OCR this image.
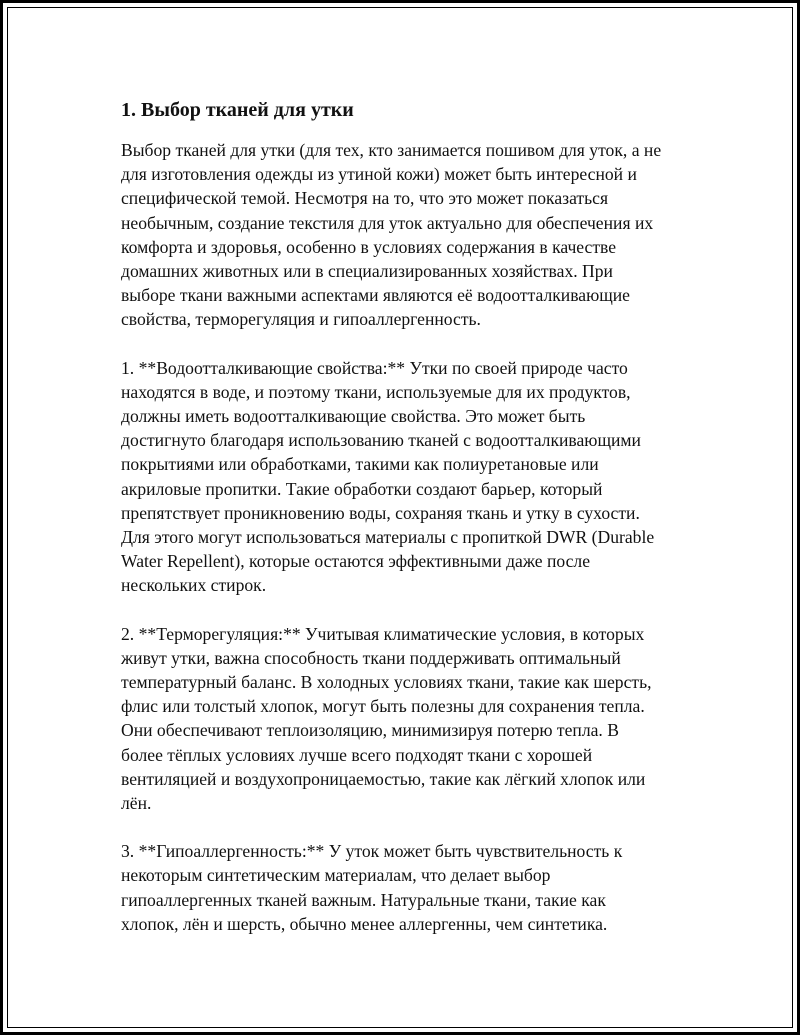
1. Выбор тканей для утки

Выбор тканей для утки (для тех, кто занимается пошивом для уток, а не
для изготовления одежды из утиной кожи) может быть интересной и
специфической темой. Несмотря на то, что это может показаться
необычным, создание текстиля для уток актуально для обеспечения их
комфорта и здоровья, особенно в условиях содержания в качестве
домашних животных или в специализированных хозяйствах. При
выборе ткани важными аспектами являются её водоотталкивающие
свойства, терморегуляция и гипоаллергенность.

1. **Водоотталкивающие свойства:** Утки по своей природе часто
находятся в воде, и поэтому ткани, используемые для их продуктов,
должны иметь водоотталкивающие свойства. Это может быть
достигнуто благодаря использованию тканей с водоотталкивающими
покрытиями или обработками, такими как полиуретановые или
акриловые пропитки. Такие обработки создают барьер, который
препятствует проникновению воды, сохраняя ткань и утку в сухости.
Для этого могут использоваться материалы с пропиткой DWR (Durable
Water Repellent), которые остаются эффективными даже после
нескольких стирок.

2. **Терморегуляция:** Учитывая климатические условия, в которых
живут утки, важна способность ткани поддерживать оптимальный
температурный баланс. В холодных условиях ткани, такие как шерсть,
флис или толстый хлопок, могут быть полезны для сохранения тепла.
Они обеспечивают теплоизоляцию, минимизируя потерю тепла. В
более тёплых условиях лучше всего подходят ткани с хорошей
вентиляцией и воздухопроницаемостью, такие как лёгкий хлопок или
лён.

3. **Гипоаллергенность:** У уток может быть чувствительность к
некоторым синтетическим материалам, что делает выбор
гипоаллергенных тканей важным. Натуральные ткани, такие как
хлопок, лён и шерсть, обычно менее аллергенны, чем синтетика.
